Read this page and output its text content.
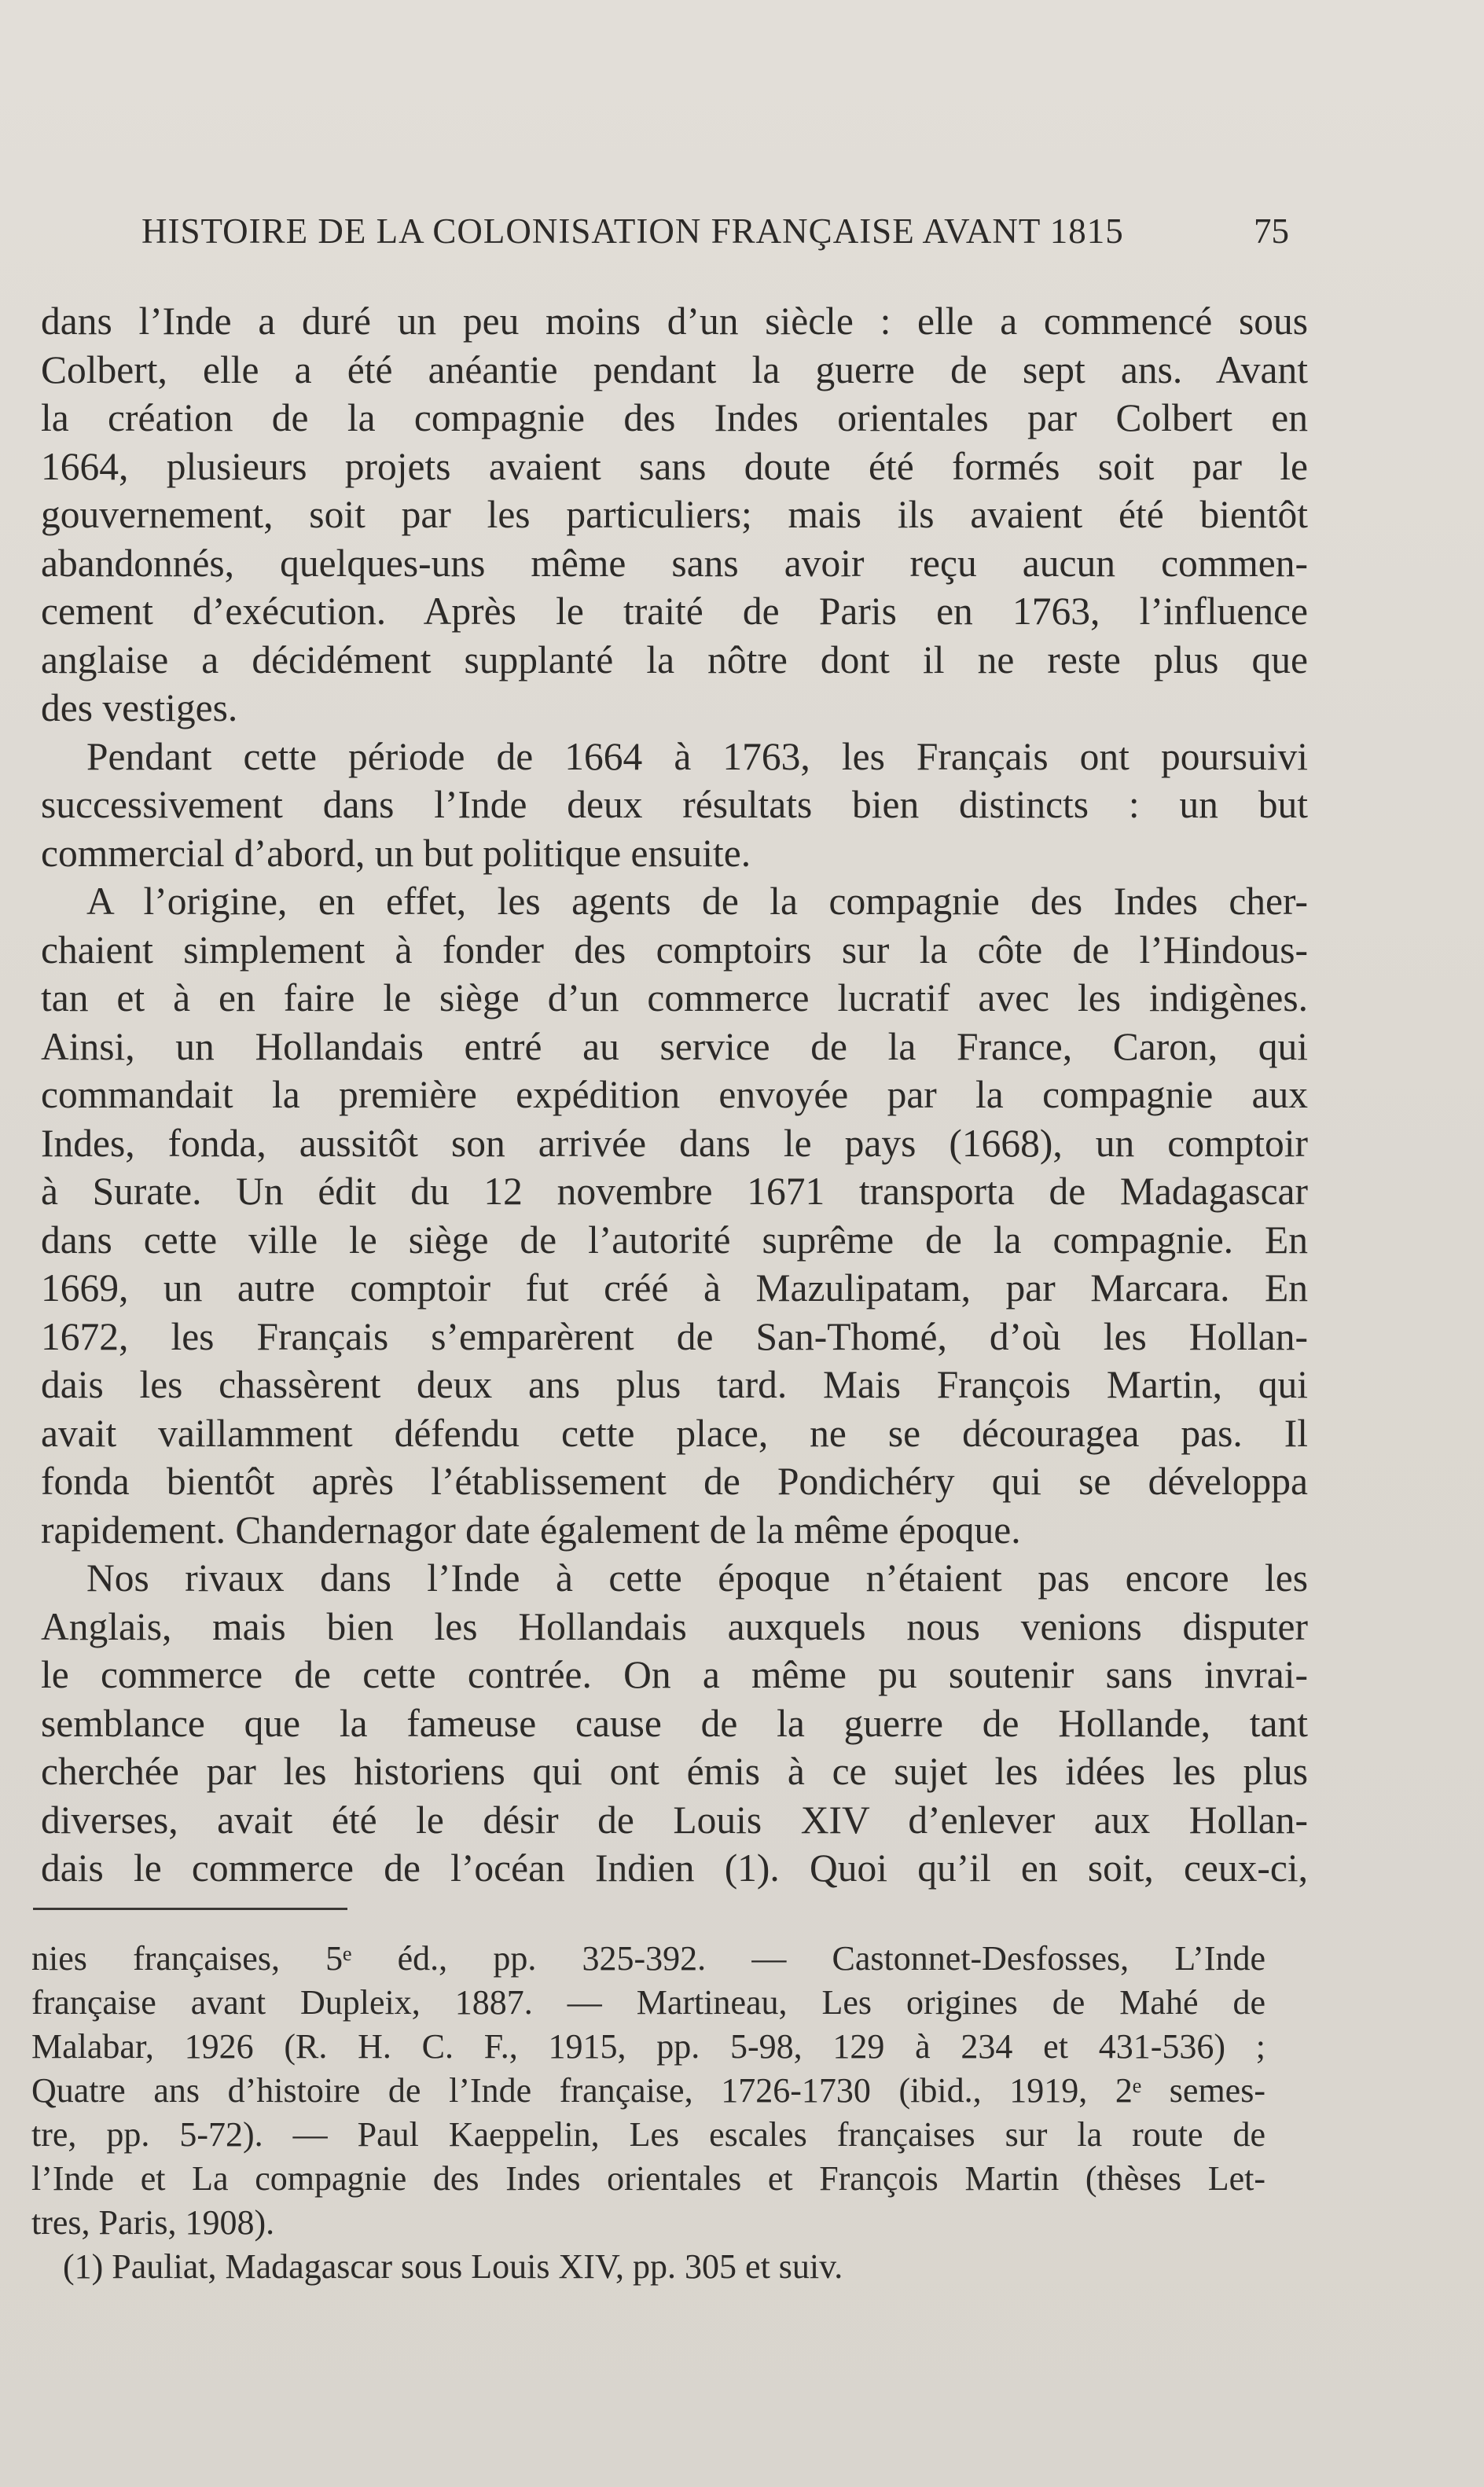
HISTOIRE DE LA COLONISATION FRANÇAISE AVANT 1815	75
dans l’Inde a duré un peu moins d’un siècle : elle a commencé sous
Colbert, elle a été anéantie pendant la guerre de sept ans. Avant
la création de la compagnie des Indes orientales par Colbert en
1664, plusieurs projets avaient sans doute été formés soit par le
gouvernement, soit par les particuliers; mais ils avaient été bientôt
abandonnés, quelques-uns même sans avoir reçu aucun commen-
cement d’exécution. Après le traité de Paris en 1763, l’influence
anglaise a décidément supplanté la nôtre dont il ne reste plus que
des vestiges.
Pendant cette période de 1664 à 1763, les Français ont poursuivi
successivement dans l’Inde deux résultats bien distincts : un but
commercial d’abord, un but politique ensuite.
A l’origine, en effet, les agents de la compagnie des Indes cher-
chaient simplement à fonder des comptoirs sur la côte de l’Hindous-
tan et à en faire le siège d’un commerce lucratif avec les indigènes.
Ainsi, un Hollandais entré au service de la France, Caron, qui
commandait la première expédition envoyée par la compagnie aux
Indes, fonda, aussitôt son arrivée dans le pays (1668), un comptoir
à Surate. Un édit du 12 novembre 1671 transporta de Madagascar
dans cette ville le siège de l’autorité suprême de la compagnie. En
1669, un autre comptoir fut créé à Mazulipatam, par Marcara. En
1672, les Français s’emparèrent de San-Thomé, d’où les Hollan-
dais les chassèrent deux ans plus tard. Mais François Martin, qui
avait vaillamment défendu cette place, ne se découragea pas. Il
fonda bientôt après l’établissement de Pondichéry qui se développa
rapidement. Chandernagor date également de la même époque.
Nos rivaux dans l’Inde à cette époque n’étaient pas encore les
Anglais, mais bien les Hollandais auxquels nous venions disputer
le commerce de cette contrée. On a même pu soutenir sans invrai-
semblance que la fameuse cause de la guerre de Hollande, tant
cherchée par les historiens qui ont émis à ce sujet les idées les plus
diverses, avait été le désir de Louis XIV d’enlever aux Hollan-
dais le commerce de l’océan Indien (1). Quoi qu’il en soit, ceux-ci,
nies françaises, 5ᵉ éd., pp. 325-392. — Castonnet-Desfosses, L’Inde
française avant Dupleix, 1887. — Martineau, Les origines de Mahé de
Malabar, 1926 (R. H. C. F., 1915, pp. 5-98, 129 à 234 et 431-536) ;
Quatre ans d’histoire de l’Inde française, 1726-1730 (ibid., 1919, 2ᵉ semes-
tre, pp. 5-72). — Paul Kaeppelin, Les escales françaises sur la route de
l’Inde et La compagnie des Indes orientales et François Martin (thèses Let-
tres, Paris, 1908).
(1) Pauliat, Madagascar sous Louis XIV, pp. 305 et suiv.
